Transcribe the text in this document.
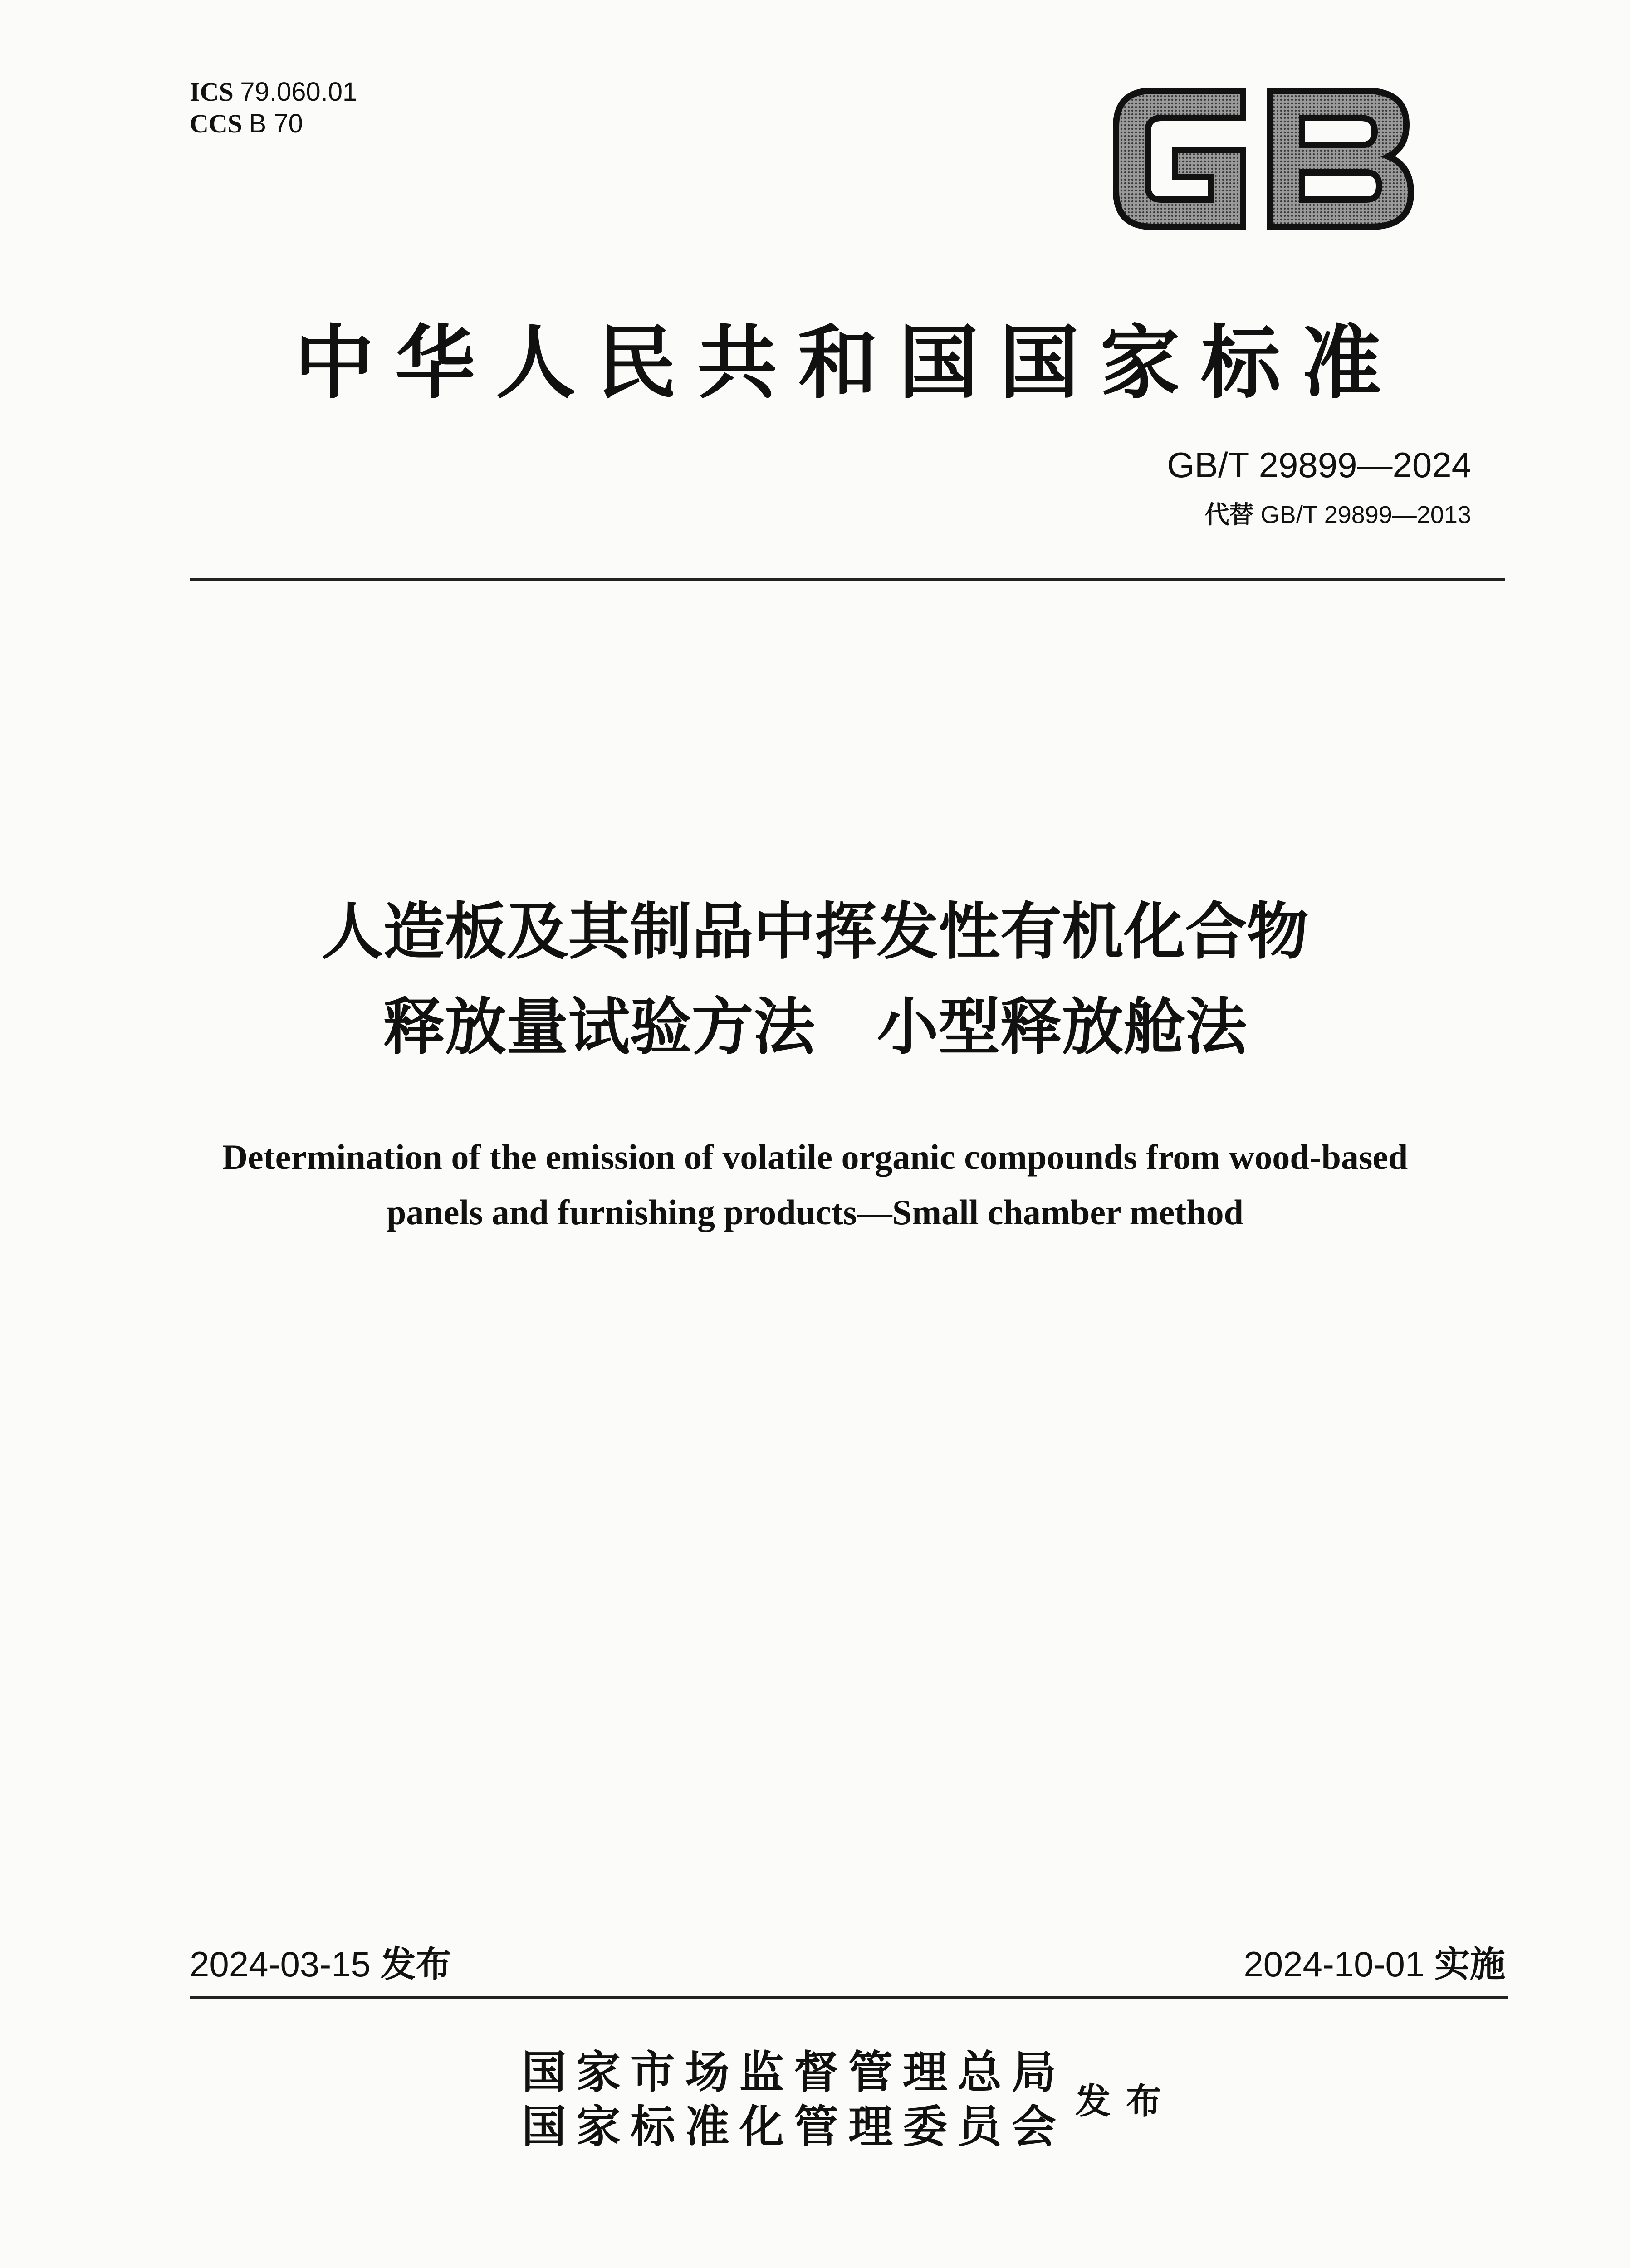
ICS 79.060.01
CCS B 70
中华人民共和国国家标准
GB/T 29899—2024
代替 GB/T 29899—2013
人造板及其制品中挥发性有机化合物
释放量试验方法　小型释放舱法
Determination of the emission of volatile organic compounds from wood-based
panels and furnishing products—Small chamber method
2024-03-15 发布	2024-10-01 实施
国家市场监督管理总局
国家标准化管理委员会 发布
